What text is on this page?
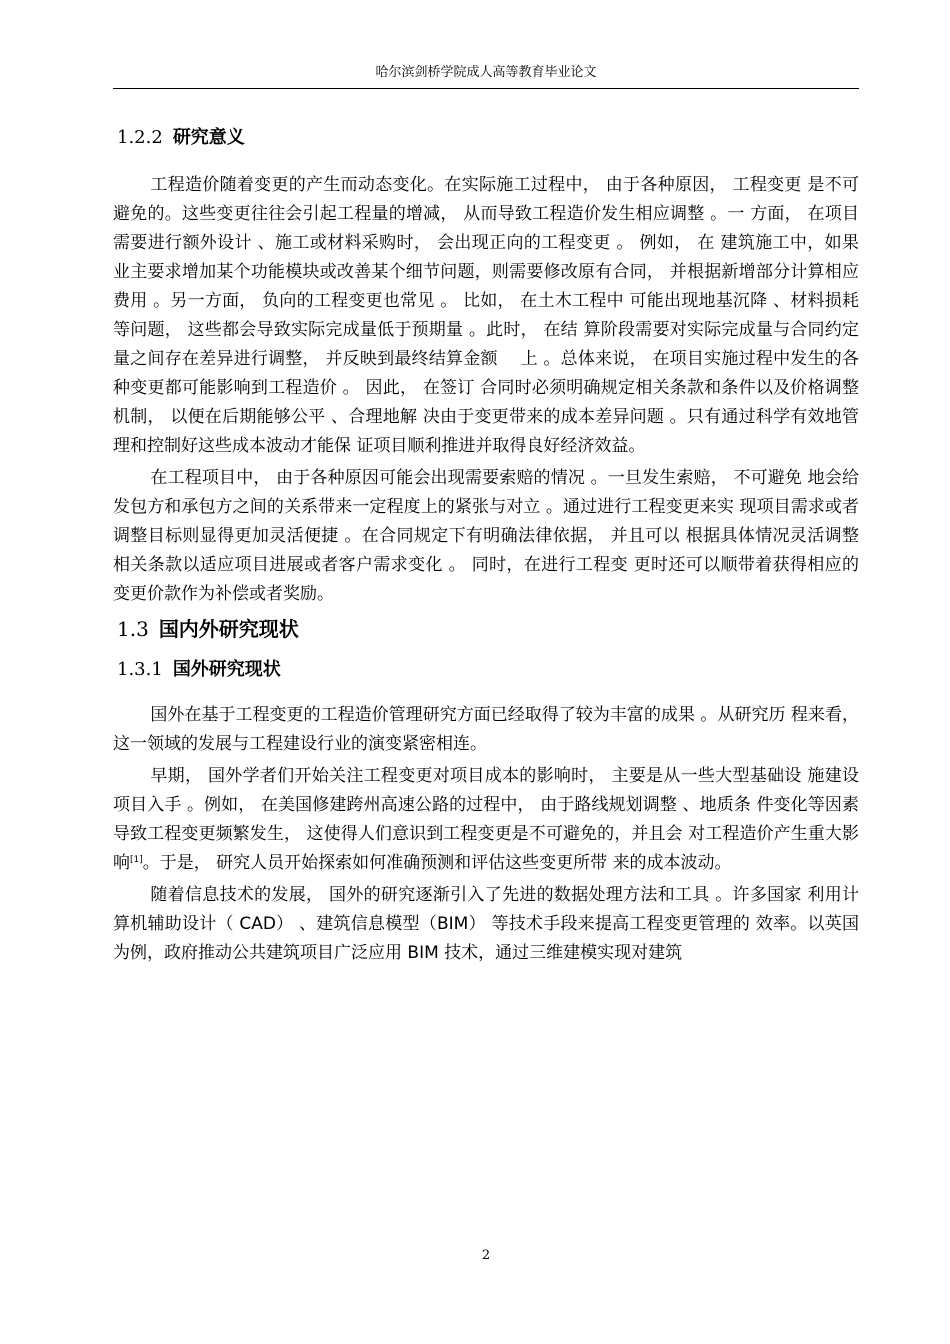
哈尔滨剑桥学院成人高等教育毕业论文
1.2.2 研究意义

工程造价随着变更的产生而动态变化。在实际施工过程中， 由于各种原因， 工程变更 是不可避免的。这些变更往往会引起工程量的增减， 从而导致工程造价发生相应调整 。一 方面， 在项目需要进行额外设计 、施工或材料采购时， 会出现正向的工程变更 。 例如， 在 建筑施工中，如果业主要求增加某个功能模块或改善某个细节问题，则需要修改原有合同， 并根据新增部分计算相应费用 。另一方面， 负向的工程变更也常见 。 比如， 在土木工程中 可能出现地基沉降 、材料损耗等问题， 这些都会导致实际完成量低于预期量 。此时， 在结 算阶段需要对实际完成量与合同约定量之间存在差异进行调整， 并反映到最终结算金额　 上 。总体来说， 在项目实施过程中发生的各种变更都可能影响到工程造价 。 因此， 在签订 合同时必须明确规定相关条款和条件以及价格调整机制， 以便在后期能够公平 、合理地解 决由于变更带来的成本差异问题 。只有通过科学有效地管理和控制好这些成本波动才能保 证项目顺利推进并取得良好经济效益。

在工程项目中， 由于各种原因可能会出现需要索赔的情况 。一旦发生索赔， 不可避免 地会给发包方和承包方之间的关系带来一定程度上的紧张与对立 。通过进行工程变更来实 现项目需求或者调整目标则显得更加灵活便捷 。在合同规定下有明确法律依据， 并且可以 根据具体情况灵活调整相关条款以适应项目进展或者客户需求变化 。 同时，在进行工程变 更时还可以顺带着获得相应的变更价款作为补偿或者奖励。

1.3 国内外研究现状
1.3.1 国外研究现状

国外在基于工程变更的工程造价管理研究方面已经取得了较为丰富的成果 。从研究历 程来看， 这一领域的发展与工程建设行业的演变紧密相连。

早期， 国外学者们开始关注工程变更对项目成本的影响时， 主要是从一些大型基础设 施建设项目入手 。例如， 在美国修建跨州高速公路的过程中， 由于路线规划调整 、地质条 件变化等因素导致工程变更频繁发生， 这使得人们意识到工程变更是不可避免的，并且会 对工程造价产生重大影响[1]。于是， 研究人员开始探索如何准确预测和评估这些变更所带 来的成本波动。

随着信息技术的发展， 国外的研究逐渐引入了先进的数据处理方法和工具 。许多国家 利用计算机辅助设计（ CAD） 、建筑信息模型（BIM） 等技术手段来提高工程变更管理的 效率。以英国为例，政府推动公共建筑项目广泛应用 BIM 技术，通过三维建模实现对建筑

2
